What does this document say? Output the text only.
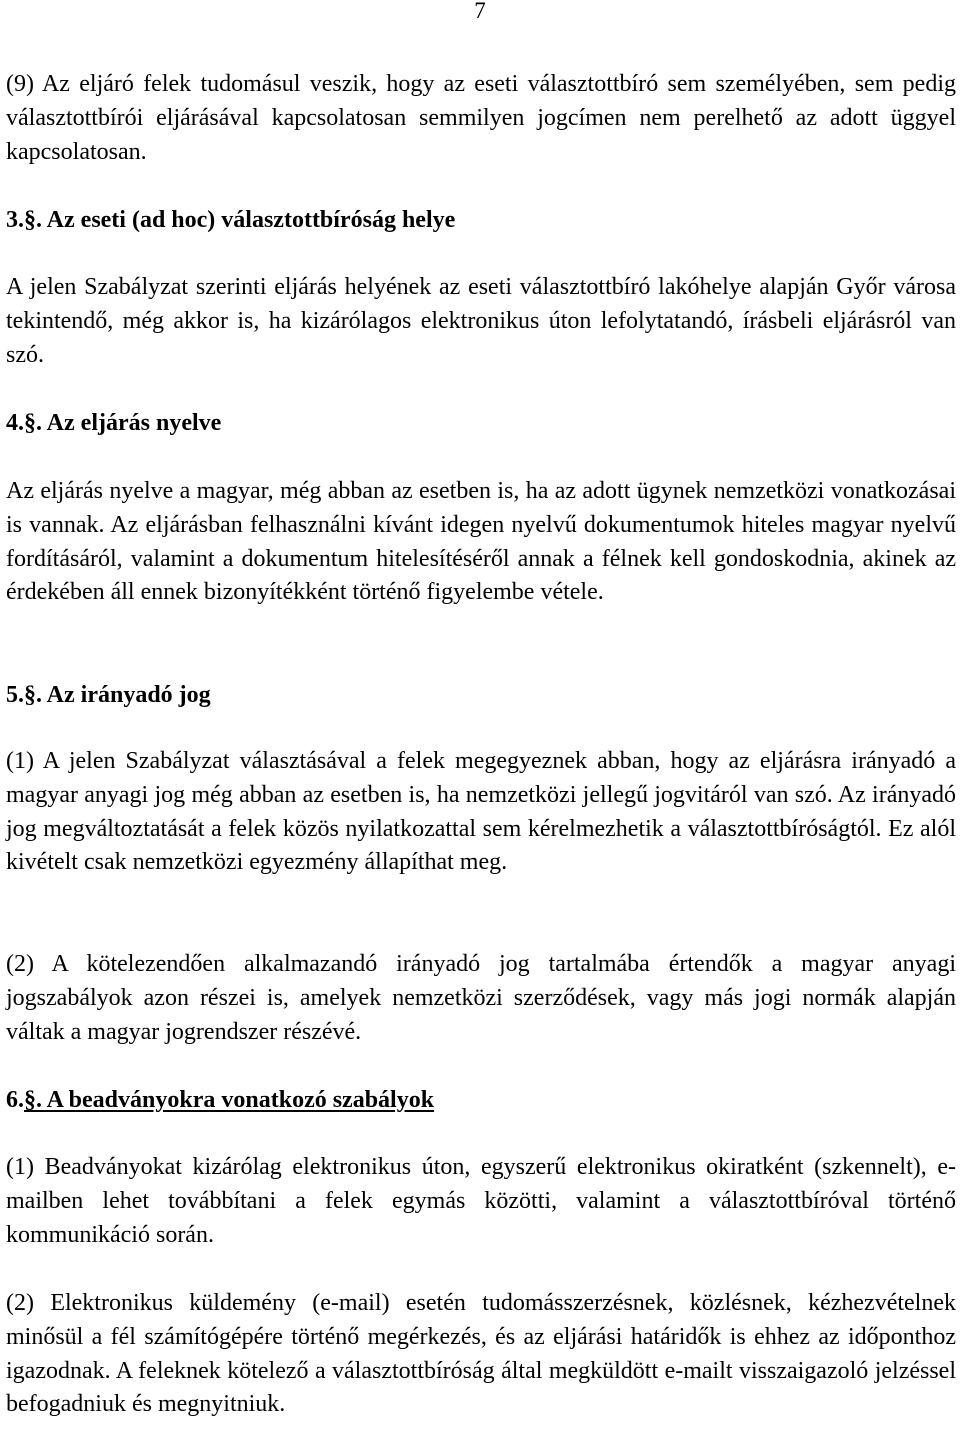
7

(9) Az eljáró felek tudomásul veszik, hogy az eseti választottbíró sem személyében, sem pedig választottbírói eljárásával kapcsolatosan semmilyen jogcímen nem perelhető az adott üggyel kapcsolatosan.

3.§. Az eseti (ad hoc) választottbíróság helye

A jelen Szabályzat szerinti eljárás helyének az eseti választottbíró lakóhelye alapján Győr városa tekintendő, még akkor is, ha kizárólagos elektronikus úton lefolytatandó, írásbeli eljárásról van szó.

4.§. Az eljárás nyelve

Az eljárás nyelve a magyar, még abban az esetben is, ha az adott ügynek nemzetközi vonatkozásai is vannak. Az eljárásban felhasználni kívánt idegen nyelvű dokumentumok hiteles magyar nyelvű fordításáról, valamint a dokumentum hitelesítéséről annak a félnek kell gondoskodnia, akinek az érdekében áll ennek bizonyítékként történő figyelembe vétele.

5.§. Az irányadó jog

(1) A jelen Szabályzat választásával a felek megegyeznek abban, hogy az eljárásra irányadó a magyar anyagi jog még abban az esetben is, ha nemzetközi jellegű jogvitáról van szó. Az irányadó jog megváltoztatását a felek közös nyilatkozattal sem kérelmezhetik a választottbíróságtól. Ez alól kivételt csak nemzetközi egyezmény állapíthat meg.

(2) A kötelezendően alkalmazandó irányadó jog tartalmába értendők a magyar anyagi jogszabályok azon részei is, amelyek nemzetközi szerződések, vagy más jogi normák alapján váltak a magyar jogrendszer részévé.

6.§. A beadványokra vonatkozó szabályok

(1) Beadványokat kizárólag elektronikus úton, egyszerű elektronikus okiratként (szkennelt), e-mailben lehet továbbítani a felek egymás közötti, valamint a választottbíróval történő kommunikáció során.

(2) Elektronikus küldemény (e-mail) esetén tudomásszerzésnek, közlésnek, kézhezvételnek minősül a fél számítógépére történő megérkezés, és az eljárási határidők is ehhez az időponthoz igazodnak. A feleknek kötelező a választottbíróság által megküldött e-mailt visszaigazoló jelzéssel befogadniuk és megnyitniuk.
